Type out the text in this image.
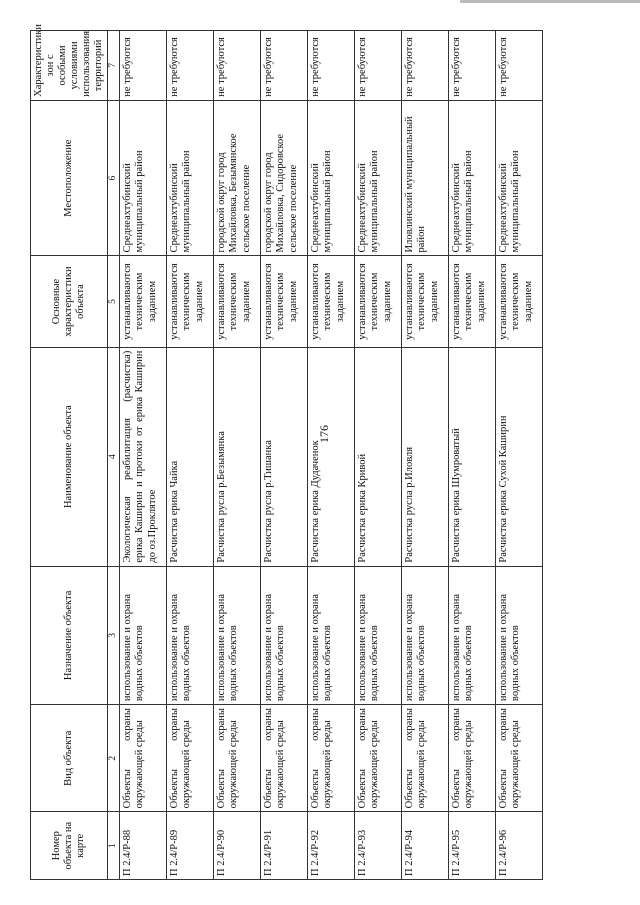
176
Номер объекта на карте	Вид объекта	Назначение объекта	Наименование объекта	Основные характеристики объекта	Местоположение	Характеристики зон с особыми условиями использования территорий
1	2	3	4	5	6	7
П 2.4/Р-88	Объекты охраны окружающей среды	использование и охрана водных объектов	Экологическая реабилитация (расчистка) ерика Каширин и протоки от ерика Каширин до оз.Проклятое	устанавливаются техническим заданием	Среднеахтубинский муниципальный район	не требуются
П 2.4/Р-89	Объекты охраны окружающей среды	использование и охрана водных объектов	Расчистка ерика Чайка	устанавливаются техническим заданием	Среднеахтубинский муниципальный район	не требуются
П 2.4/Р-90	Объекты охраны окружающей среды	использование и охрана водных объектов	Расчистка русла р.Безымянка	устанавливаются техническим заданием	городской округ город Михайловка, Безымянское сельское поселение	не требуются
П 2.4/Р-91	Объекты охраны окружающей среды	использование и охрана водных объектов	Расчистка русла р.Тишанка	устанавливаются техническим заданием	городской округ город Михайловка, Сидоровское сельское поселение	не требуются
П 2.4/Р-92	Объекты охраны окружающей среды	использование и охрана водных объектов	Расчистка ерика Дудаченок	устанавливаются техническим заданием	Среднеахтубинский муниципальный район	не требуются
П 2.4/Р-93	Объекты охраны окружающей среды	использование и охрана водных объектов	Расчистка ерика Кривой	устанавливаются техническим заданием	Среднеахтубинский муниципальный район	не требуются
П 2.4/Р-94	Объекты охраны окружающей среды	использование и охрана водных объектов	Расчистка русла р.Иловля	устанавливаются техническим заданием	Иловлинский муниципальный район	не требуются
П 2.4/Р-95	Объекты охраны окружающей среды	использование и охрана водных объектов	Расчистка ерика Шумроватый	устанавливаются техническим заданием	Среднеахтубинский муниципальный район	не требуются
П 2.4/Р-96	Объекты охраны окружающей среды	использование и охрана водных объектов	Расчистка ерика Сухой Каширин	устанавливаются техническим заданием	Среднеахтубинский муниципальный район	не требуются
